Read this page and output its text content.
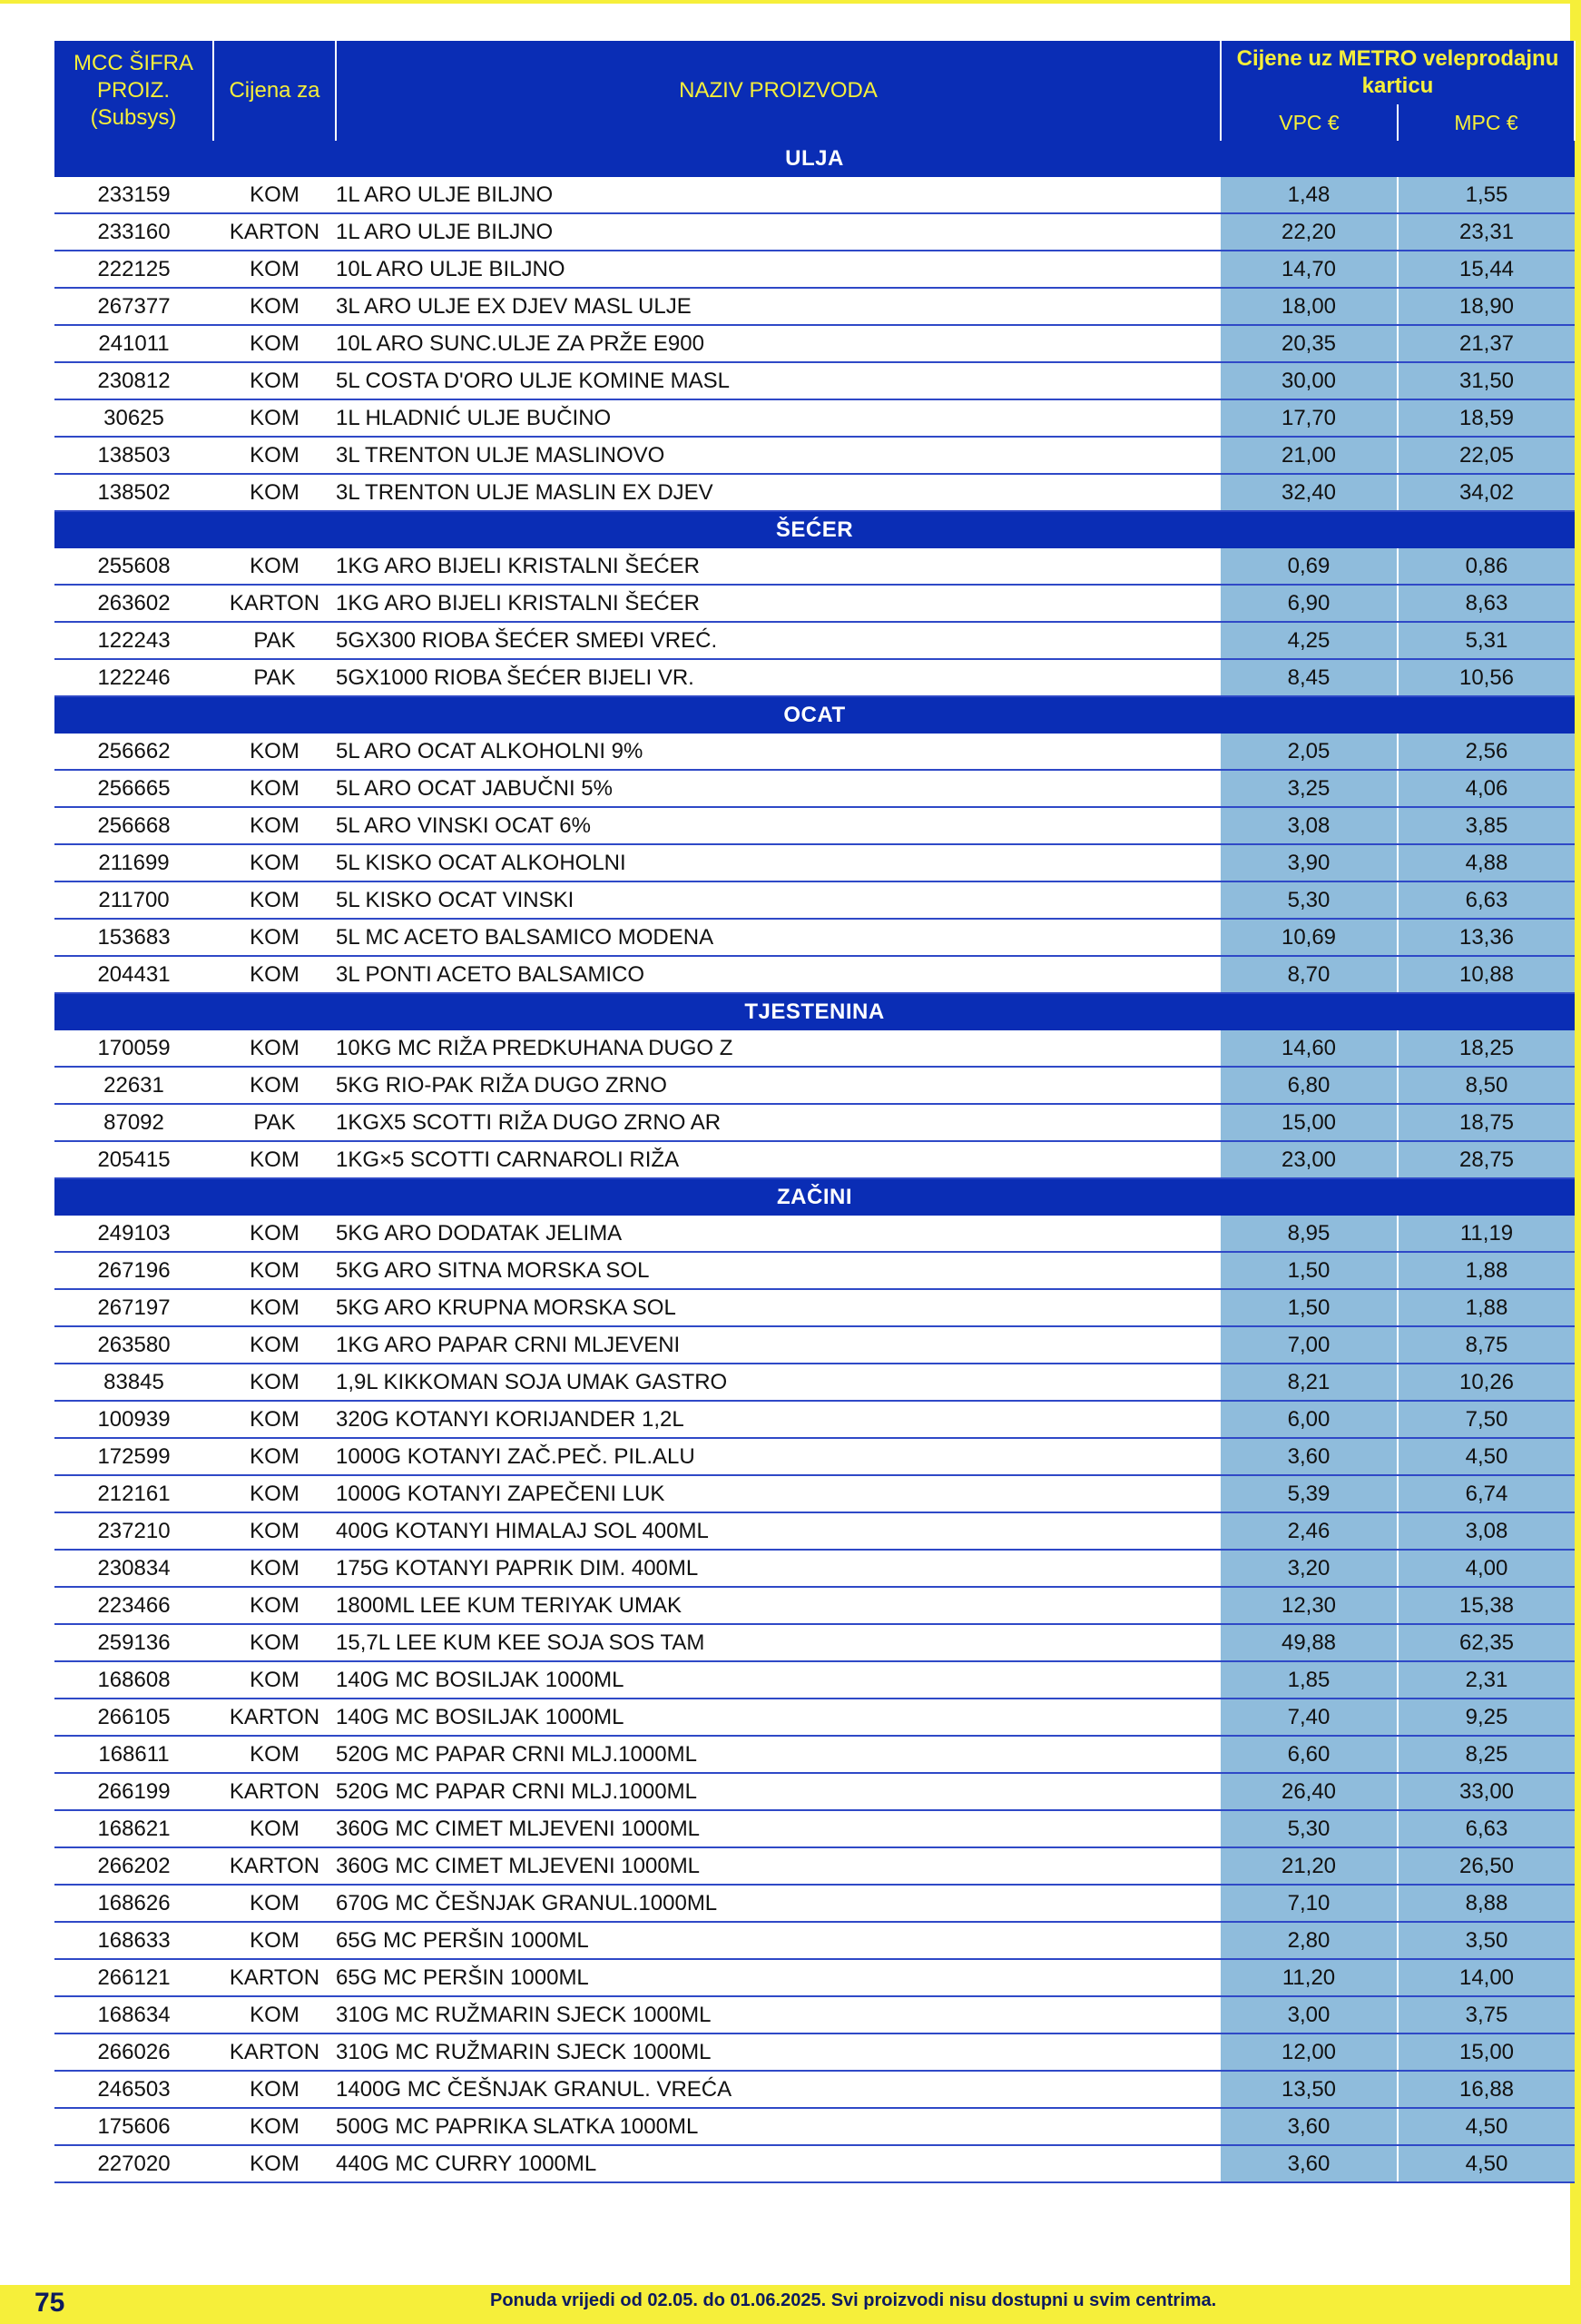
MCC ŠIFRA PROIZ.
(Subsys)	Cijena za	NAZIV PROIZVODA	Cijene uz METRO veleprodajnu karticu	
			VPC €	MPC €
ULJA				
233159	KOM	1L ARO ULJE BILJNO	1,48	1,55
233160	KARTON	1L ARO ULJE BILJNO	22,20	23,31
222125	KOM	10L ARO ULJE BILJNO	14,70	15,44
267377	KOM	3L ARO ULJE EX DJEV MASL ULJE	18,00	18,90
241011	KOM	10L ARO SUNC.ULJE ZA PRŽE E900	20,35	21,37
230812	KOM	5L COSTA D'ORO ULJE KOMINE MASL	30,00	31,50
30625	KOM	1L HLADNIĆ ULJE BUČINO	17,70	18,59
138503	KOM	3L TRENTON ULJE MASLINOVO	21,00	22,05
138502	KOM	3L TRENTON ULJE MASLIN EX DJEV	32,40	34,02
ŠEĆER				
255608	KOM	1KG ARO BIJELI KRISTALNI ŠEĆER	0,69	0,86
263602	KARTON	1KG ARO BIJELI KRISTALNI ŠEĆER	6,90	8,63
122243	PAK	5GX300 RIOBA ŠEĆER SMEĐI VREĆ.	4,25	5,31
122246	PAK	5GX1000 RIOBA ŠEĆER BIJELI VR.	8,45	10,56
OCAT				
256662	KOM	5L ARO OCAT ALKOHOLNI 9%	2,05	2,56
256665	KOM	5L ARO OCAT JABUČNI 5%	3,25	4,06
256668	KOM	5L ARO VINSKI OCAT 6%	3,08	3,85
211699	KOM	5L KISKO OCAT ALKOHOLNI	3,90	4,88
211700	KOM	5L KISKO OCAT VINSKI	5,30	6,63
153683	KOM	5L MC ACETO BALSAMICO MODENA	10,69	13,36
204431	KOM	3L PONTI ACETO BALSAMICO	8,70	10,88
TJESTENINA				
170059	KOM	10KG MC RIŽA PREDKUHANA DUGO Z	14,60	18,25
22631	KOM	5KG RIO-PAK RIŽA DUGO ZRNO	6,80	8,50
87092	PAK	1KGX5 SCOTTI RIŽA DUGO ZRNO AR	15,00	18,75
205415	KOM	1KG×5 SCOTTI CARNAROLI RIŽA	23,00	28,75
ZAČINI				
249103	KOM	5KG ARO DODATAK JELIMA	8,95	11,19
267196	KOM	5KG ARO SITNA MORSKA SOL	1,50	1,88
267197	KOM	5KG ARO KRUPNA MORSKA SOL	1,50	1,88
263580	KOM	1KG ARO PAPAR CRNI MLJEVENI	7,00	8,75
83845	KOM	1,9L KIKKOMAN SOJA UMAK GASTRO	8,21	10,26
100939	KOM	320G KOTANYI KORIJANDER 1,2L	6,00	7,50
172599	KOM	1000G KOTANYI ZAČ.PEČ. PIL.ALU	3,60	4,50
212161	KOM	1000G KOTANYI ZAPEČENI LUK	5,39	6,74
237210	KOM	400G KOTANYI HIMALAJ SOL 400ML	2,46	3,08
230834	KOM	175G KOTANYI PAPRIK DIM. 400ML	3,20	4,00
223466	KOM	1800ML LEE KUM TERIYAK UMAK	12,30	15,38
259136	KOM	15,7L LEE KUM KEE SOJA SOS TAM	49,88	62,35
168608	KOM	140G MC BOSILJAK 1000ML	1,85	2,31
266105	KARTON	140G MC BOSILJAK 1000ML	7,40	9,25
168611	KOM	520G MC PAPAR CRNI MLJ.1000ML	6,60	8,25
266199	KARTON	520G MC PAPAR CRNI MLJ.1000ML	26,40	33,00
168621	KOM	360G MC CIMET MLJEVENI 1000ML	5,30	6,63
266202	KARTON	360G MC CIMET MLJEVENI 1000ML	21,20	26,50
168626	KOM	670G MC ČEŠNJAK GRANUL.1000ML	7,10	8,88
168633	KOM	65G MC PERŠIN 1000ML	2,80	3,50
266121	KARTON	65G MC PERŠIN 1000ML	11,20	14,00
168634	KOM	310G MC RUŽMARIN SJECK 1000ML	3,00	3,75
266026	KARTON	310G MC RUŽMARIN SJECK 1000ML	12,00	15,00
246503	KOM	1400G MC ČEŠNJAK GRANUL. VREĆA	13,50	16,88
175606	KOM	500G MC PAPRIKA SLATKA 1000ML	3,60	4,50
227020	KOM	440G MC CURRY 1000ML	3,60	4,50
75	Ponuda vrijedi od 02.05. do 01.06.2025. Svi proizvodi nisu dostupni u svim centrima.
